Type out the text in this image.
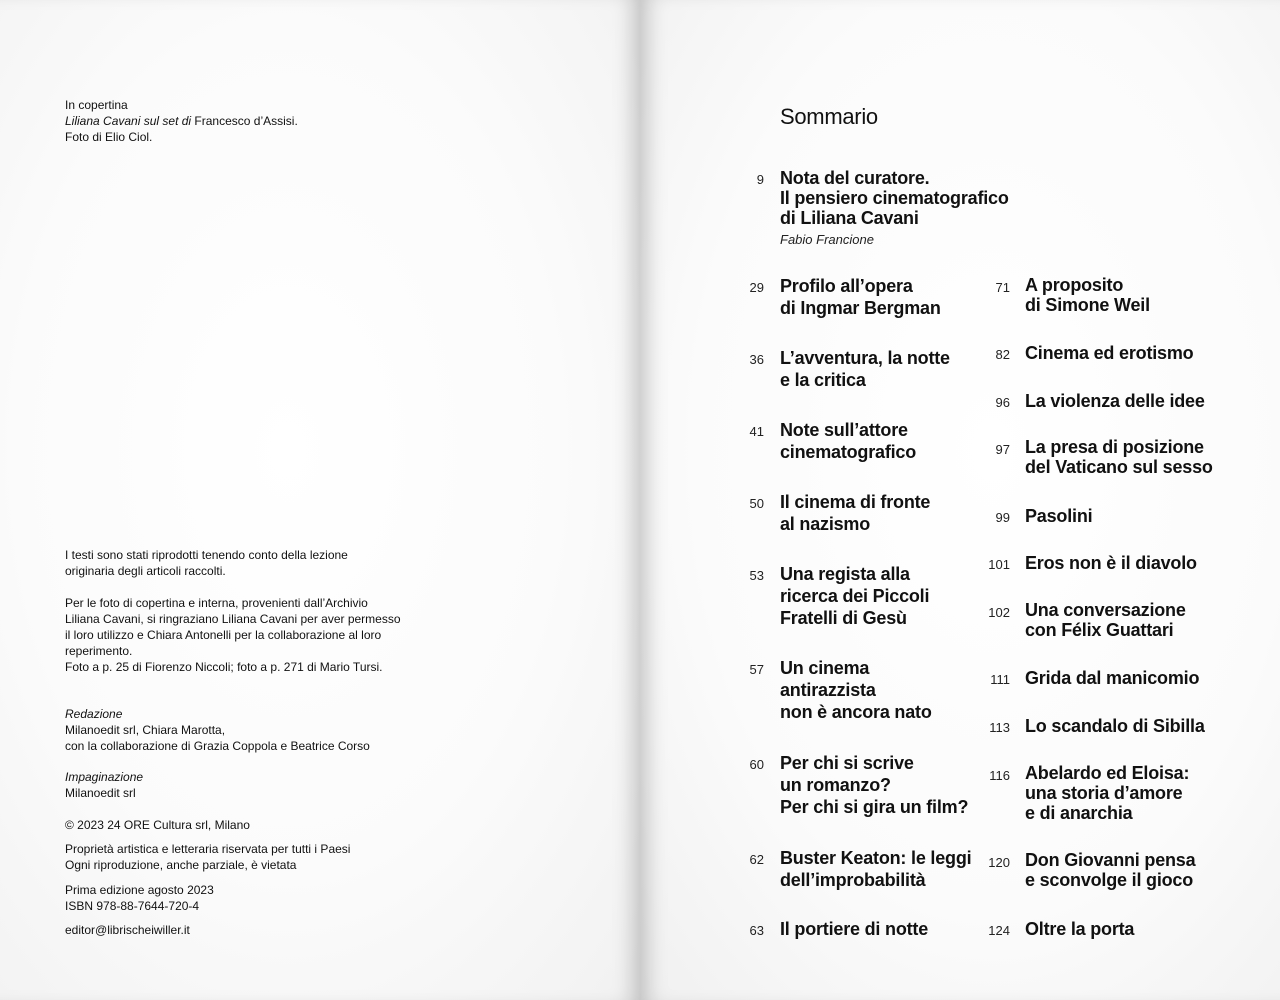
In copertina

Liliana Cavani sul set di Francesco d’Assisi.

Foto di Elio Ciol.

I testi sono stati riprodotti tenendo conto della lezione

originaria degli articoli raccolti.

Per le foto di copertina e interna, provenienti dall’Archivio

Liliana Cavani, si ringraziano Liliana Cavani per aver permesso

il loro utilizzo e Chiara Antonelli per la collaborazione al loro

reperimento.

Foto a p. 25 di Fiorenzo Niccoli; foto a p. 271 di Mario Tursi.

Redazione

Milanoedit srl, Chiara Marotta,

con la collaborazione di Grazia Coppola e Beatrice Corso

Impaginazione

Milanoedit srl

© 2023 24 ORE Cultura srl, Milano

Proprietà artistica e letteraria riservata per tutti i Paesi

Ogni riproduzione, anche parziale, è vietata

Prima edizione agosto 2023

ISBN 978-88-7644-720-4

editor@librischeiwiller.it

Sommario
9 Nota del curatore.
Il pensiero cinematografico
di Liliana Cavani
Fabio Francione
29 Profilo all’opera
di Ingmar Bergman
36 L’avventura, la notte
e la critica
41 Note sull’attore
cinematografico
50 Il cinema di fronte
al nazismo
53 Una regista alla
ricerca dei Piccoli
Fratelli di Gesù
57 Un cinema
antirazzista
non è ancora nato
60 Per chi si scrive
un romanzo?
Per chi si gira un film?
62 Buster Keaton: le leggi
dell’improbabilità
63 Il portiere di notte
71 A proposito
di Simone Weil
82 Cinema ed erotismo
96 La violenza delle idee
97 La presa di posizione
del Vaticano sul sesso
99 Pasolini
101 Eros non è il diavolo
102 Una conversazione
con Félix Guattari
111 Grida dal manicomio
113 Lo scandalo di Sibilla
116 Abelardo ed Eloisa:
una storia d’amore
e di anarchia
120 Don Giovanni pensa
e sconvolge il gioco
124 Oltre la porta
